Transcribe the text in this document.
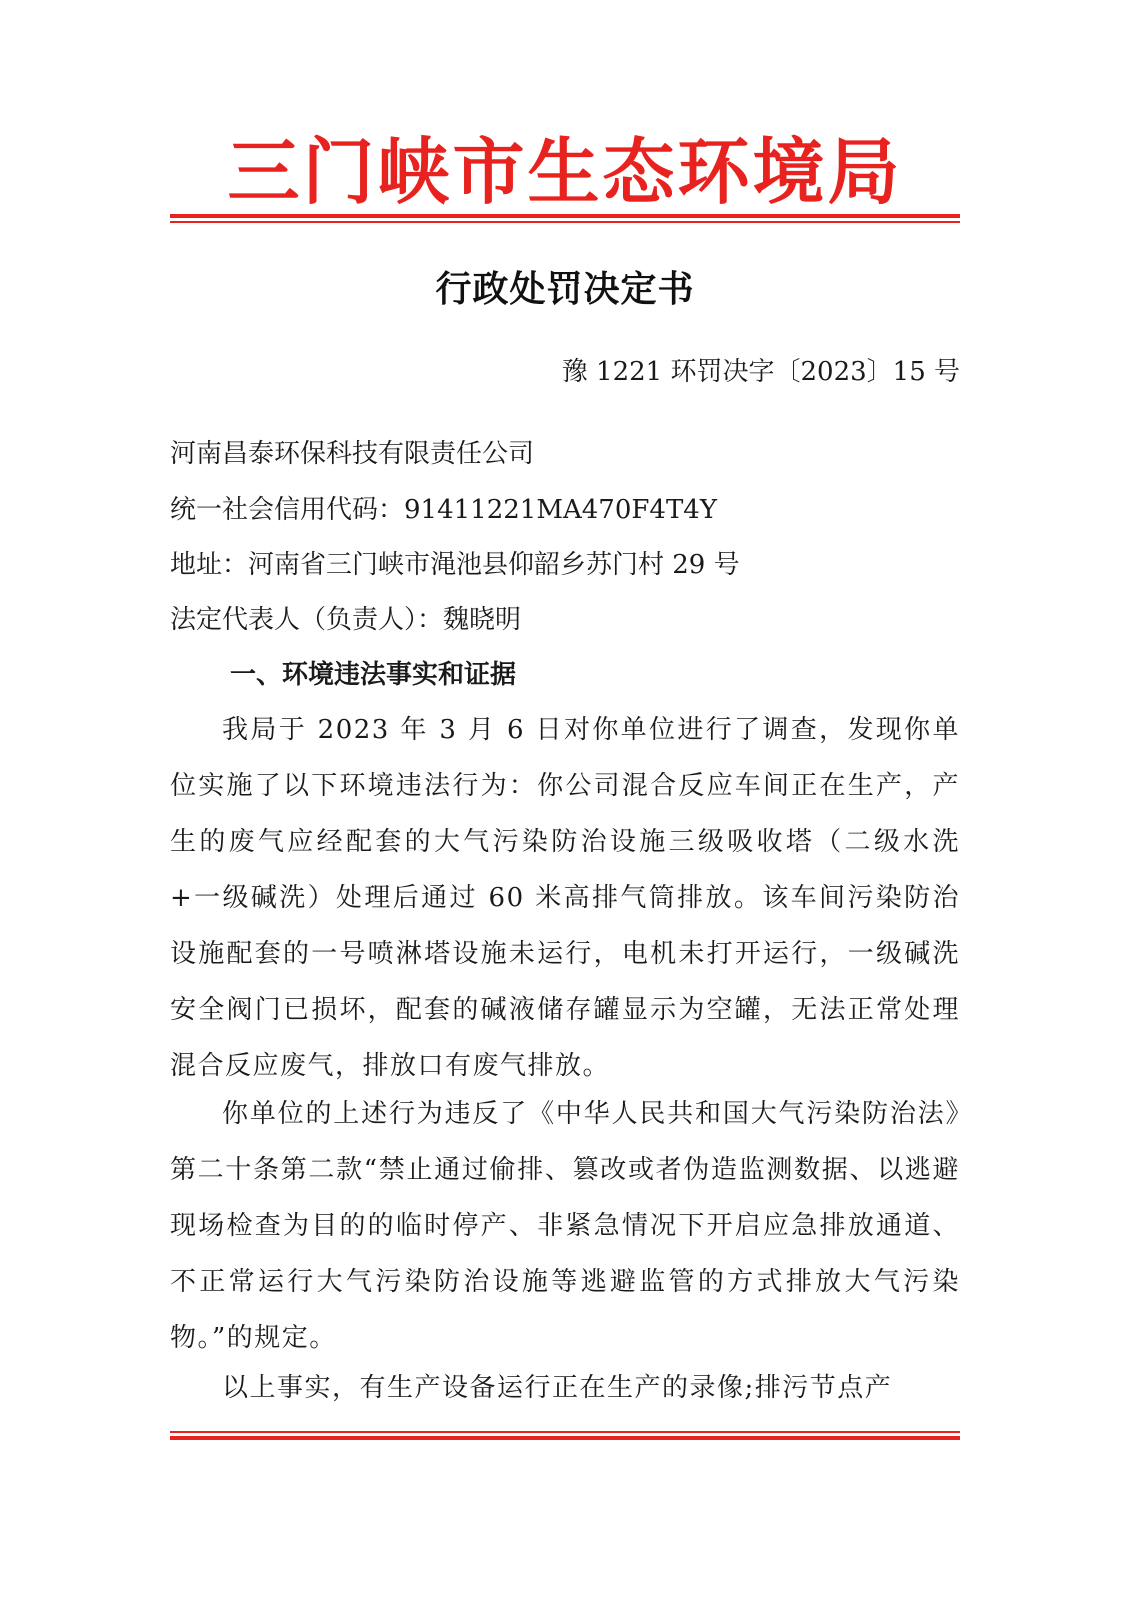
三门峡市生态环境局
行政处罚决定书
豫 1221 环罚决字〔2023〕15 号
河南昌泰环保科技有限责任公司
统一社会信用代码：91411221MA470F4T4Y
地址：河南省三门峡市渑池县仰韶乡苏门村 29 号
法定代表人（负责人）：魏晓明
一、环境违法事实和证据

我局于 2023 年 3 月 6 日对你单位进行了调查，发现你单位实施了以下环境违法行为：你公司混合反应车间正在生产，产生的废气应经配套的大气污染防治设施三级吸收塔（二级水洗+一级碱洗）处理后通过 60 米高排气筒排放。该车间污染防治设施配套的一号喷淋塔设施未运行，电机未打开运行，一级碱洗安全阀门已损坏，配套的碱液储存罐显示为空罐，无法正常处理混合反应废气，排放口有废气排放。

你单位的上述行为违反了《中华人民共和国大气污染防治法》第二十条第二款“禁止通过偷排、篡改或者伪造监测数据、以逃避现场检查为目的的临时停产、非紧急情况下开启应急排放通道、不正常运行大气污染防治设施等逃避监管的方式排放大气污染物。”的规定。

以上事实，有生产设备运行正在生产的录像;排污节点产
